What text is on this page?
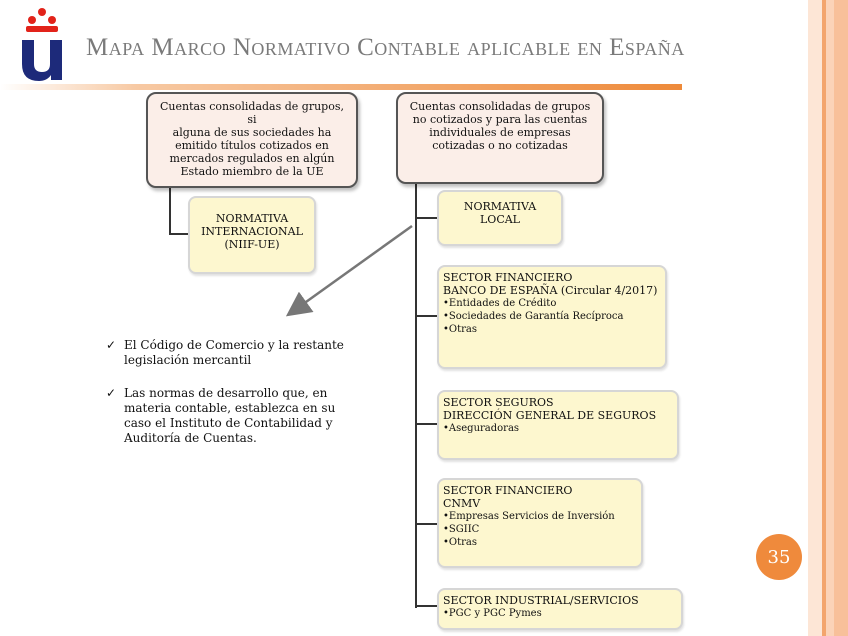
Mapa Marco Normativo Contable aplicable en España
Cuentas consolidadas de grupos, si
alguna de sus sociedades ha
emitido títulos cotizados en
mercados regulados en algún
Estado miembro de la UE
Cuentas consolidadas de grupos
no cotizados y para las cuentas
individuales de empresas
cotizadas o no cotizadas
NORMATIVA
INTERNACIONAL
(NIIF-UE)
NORMATIVA
LOCAL
SECTOR FINANCIERO
BANCO DE ESPAÑA (Circular 4/2017)
•Entidades de Crédito
•Sociedades de Garantía Recíproca
•Otras
SECTOR SEGUROS
DIRECCIÓN GENERAL DE SEGUROS
•Aseguradoras
SECTOR FINANCIERO
CNMV
•Empresas Servicios de Inversión
•SGIIC
•Otras
SECTOR INDUSTRIAL/SERVICIOS
•PGC y PGC Pymes
✓ El Código de Comercio y la restante legislación mercantil
✓ Las normas de desarrollo que, en materia contable, establezca en su caso el Instituto de Contabilidad y Auditoría de Cuentas.
35
